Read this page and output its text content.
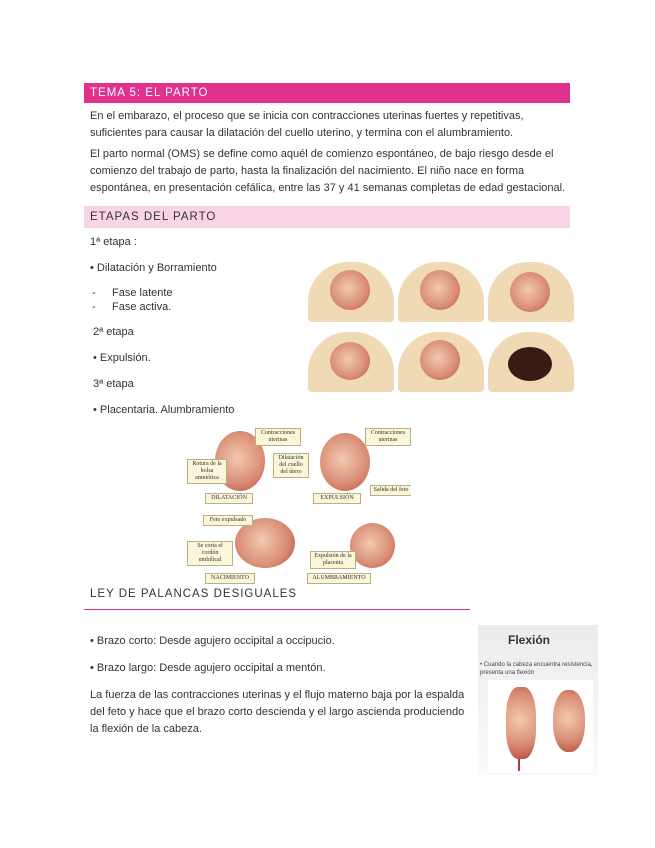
TEMA 5: EL PARTO
En el embarazo, el proceso que se inicia con contracciones uterinas fuertes y repetitivas, suficientes para causar la dilatación del cuello uterino, y termina con el alumbramiento.
El parto normal (OMS) se define como aquél de comienzo espontáneo, de bajo riesgo desde el comienzo del trabajo de parto, hasta la finalización del nacimiento. El niño nace en forma espontánea, en presentación cefálica, entre las 37 y 41 semanas completas de edad gestacional.
ETAPAS DEL PARTO
1ª etapa :
• Dilatación y Borramiento
- Fase latente
- Fase activa.
2ª etapa
• Expulsión.
3ª etapa
• Placentaria. Alumbramiento
Contracciones uterinas
Rotura de la bolsa amniótica
Dilatación del cuello del útero
DILATACIÓN
Contracciones uterinas
Salida del feto
EXPULSIÓN
Feto expulsado
Se corta el cordón umbilical
NACIMIENTO
Expulsión de la placenta
ALUMBRAMIENTO
LEY DE PALANCAS DESIGUALES
• Brazo corto: Desde agujero occipital a occipucio.
• Brazo largo: Desde agujero occipital a mentón.
La fuerza de las contracciones uterinas y el flujo materno baja por la espalda del feto y hace que el brazo corto descienda y el largo ascienda produciendo la flexión de la cabeza.
Flexión
• Cuando la cabeza encuentra resistencia, presenta una flexión
